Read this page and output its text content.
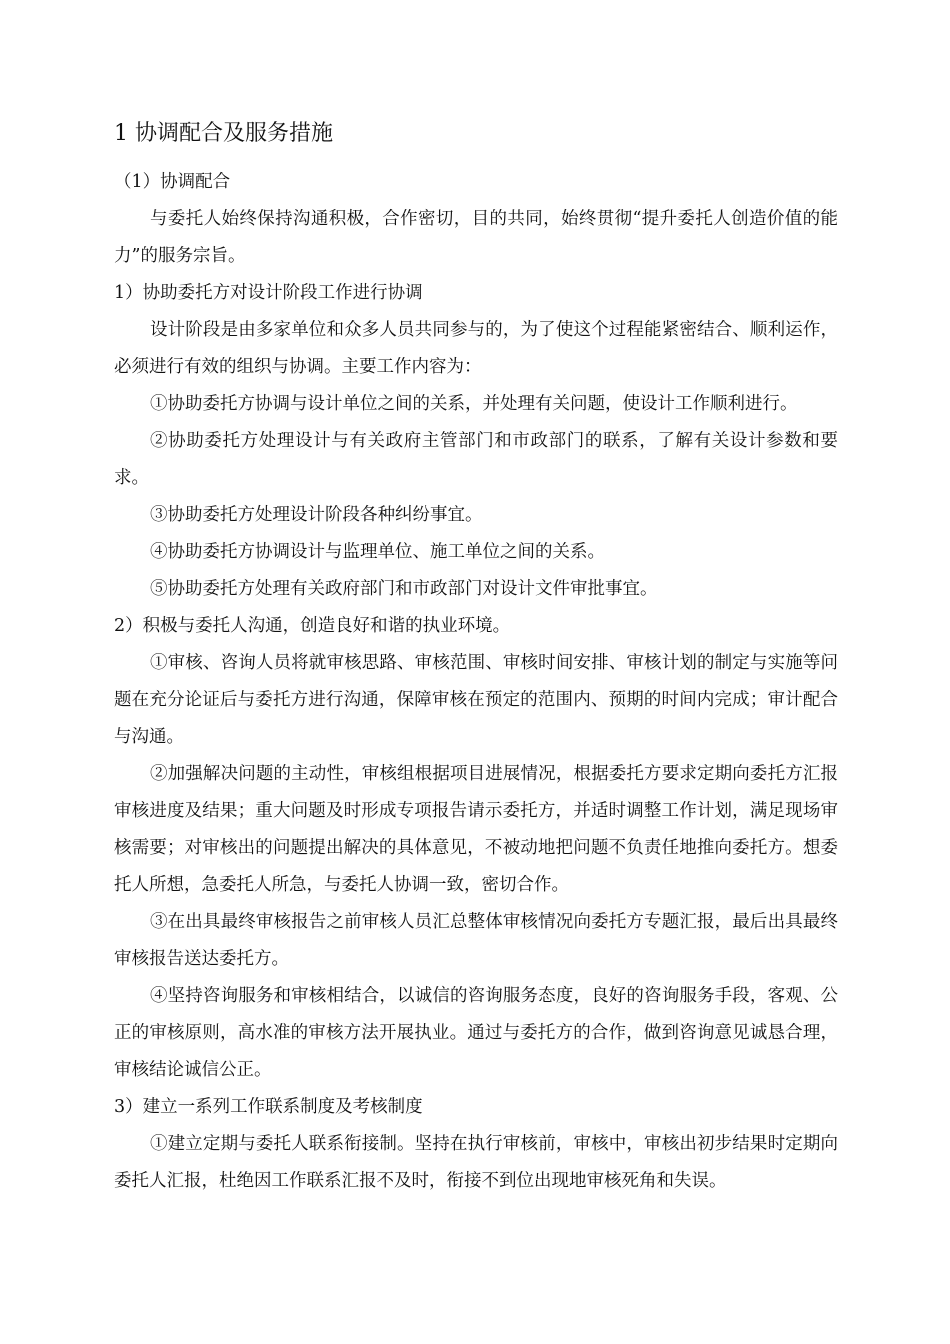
1 协调配合及服务措施

（1）协调配合

与委托人始终保持沟通积极，合作密切，目的共同，始终贯彻“提升委托人创造价值的能力”的服务宗旨。

1）协助委托方对设计阶段工作进行协调

设计阶段是由多家单位和众多人员共同参与的，为了使这个过程能紧密结合、顺利运作，必须进行有效的组织与协调。主要工作内容为：

①协助委托方协调与设计单位之间的关系，并处理有关问题，使设计工作顺利进行。

②协助委托方处理设计与有关政府主管部门和市政部门的联系，了解有关设计参数和要求。

③协助委托方处理设计阶段各种纠纷事宜。

④协助委托方协调设计与监理单位、施工单位之间的关系。

⑤协助委托方处理有关政府部门和市政部门对设计文件审批事宜。

2）积极与委托人沟通，创造良好和谐的执业环境。

①审核、咨询人员将就审核思路、审核范围、审核时间安排、审核计划的制定与实施等问题在充分论证后与委托方进行沟通，保障审核在预定的范围内、预期的时间内完成；审计配合与沟通。

②加强解决问题的主动性，审核组根据项目进展情况，根据委托方要求定期向委托方汇报审核进度及结果；重大问题及时形成专项报告请示委托方，并适时调整工作计划，满足现场审核需要；对审核出的问题提出解决的具体意见，不被动地把问题不负责任地推向委托方。想委托人所想，急委托人所急，与委托人协调一致，密切合作。

③在出具最终审核报告之前审核人员汇总整体审核情况向委托方专题汇报，最后出具最终审核报告送达委托方。

④坚持咨询服务和审核相结合，以诚信的咨询服务态度，良好的咨询服务手段，客观、公正的审核原则，高水准的审核方法开展执业。通过与委托方的合作，做到咨询意见诚恳合理，审核结论诚信公正。

3）建立一系列工作联系制度及考核制度

①建立定期与委托人联系衔接制。坚持在执行审核前，审核中，审核出初步结果时定期向委托人汇报，杜绝因工作联系汇报不及时，衔接不到位出现地审核死角和失误。
